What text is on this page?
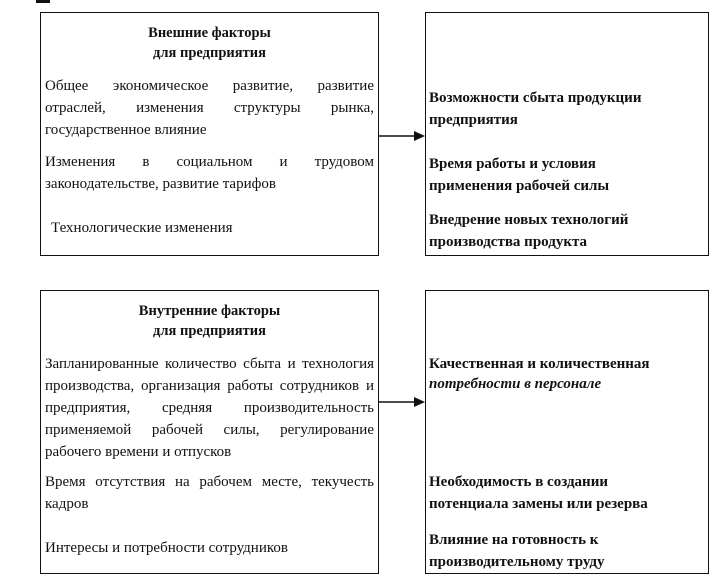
Внешние факторы
для предприятия
Общее экономическое развитие, развитие отраслей, изменения структуры рынка, государственное влияние
Изменения в социальном и трудовом законодательстве, развитие тарифов
Технологические изменения
Возможности сбыта продукции предприятия
Время работы и условия применения рабочей силы
Внедрение новых технологий производства продукта
Внутренние факторы
для предприятия
Запланированные количество сбыта и технология производства, организация работы сотрудников и предприятия, средняя производительность применяемой рабочей силы, регулирование рабочего времени и отпусков
Время отсутствия на рабочем месте, текучесть кадров
Интересы и потребности сотрудников
Качественная и количественная
потребности в персонале
Необходимость в создании потенциала замены или резерва
Влияние на готовность к производительному труду
